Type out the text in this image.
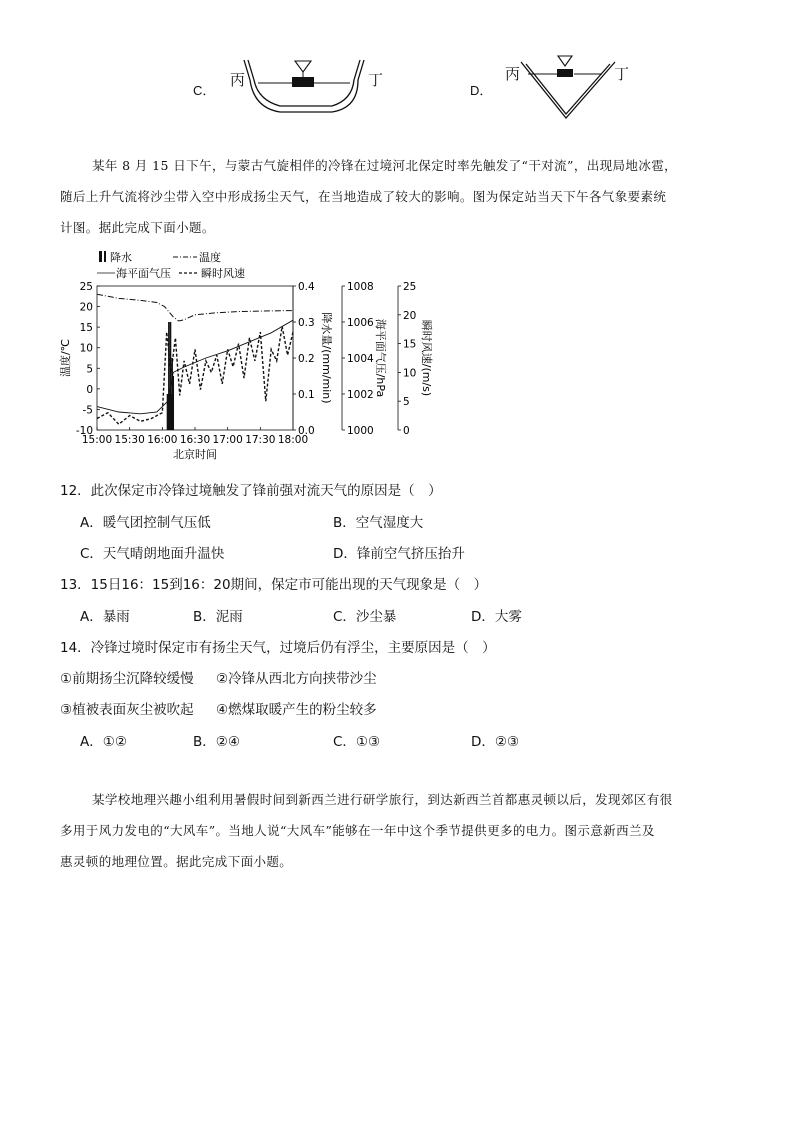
C．
丙	丁
D．
丙	丁
某年 8 月 15 日下午，与蒙古气旋相伴的冷锋在过境河北保定时率先触发了“干对流”，出现局地冰雹，
随后上升气流将沙尘带入空中形成扬尘天气，在当地造成了较大的影响。图为保定站当天下午各气象要素统
计图。据此完成下面小题。
降水	温度
海平面气压	瞬时风速
15:00 15:30 16:00 16:30 17:00 17:30 18:00
北京时间
25
20
15
10
5
0
-5
-10
温度/℃
0.4
0.3
0.2
0.1
0.0
降水量/(mm/min)
1008
1006
1004
1002
1000
海平面气压/hPa
25
20
15
10
5
0
瞬时风速/(m/s)
12．此次保定市冷锋过境触发了锋前强对流天气的原因是（　）
A．暖气团控制气压低	B．空气湿度大
C．天气晴朗地面升温快	D．锋前空气挤压抬升
13．15日16：15到16：20期间，保定市可能出现的天气现象是（　）
A．暴雨	B．泥雨	C．沙尘暴	D．大雾
14．冷锋过境时保定市有扬尘天气，过境后仍有浮尘，主要原因是（　）
①前期扬尘沉降较缓慢 ②冷锋从西北方向挟带沙尘
③植被表面灰尘被吹起 ④燃煤取暖产生的粉尘较多
A．①②	B．②④	C．①③	D．②③
某学校地理兴趣小组利用暑假时间到新西兰进行研学旅行，到达新西兰首都惠灵顿以后，发现郊区有很
多用于风力发电的“大风车”。当地人说“大风车”能够在一年中这个季节提供更多的电力。图示意新西兰及
惠灵顿的地理位置。据此完成下面小题。
